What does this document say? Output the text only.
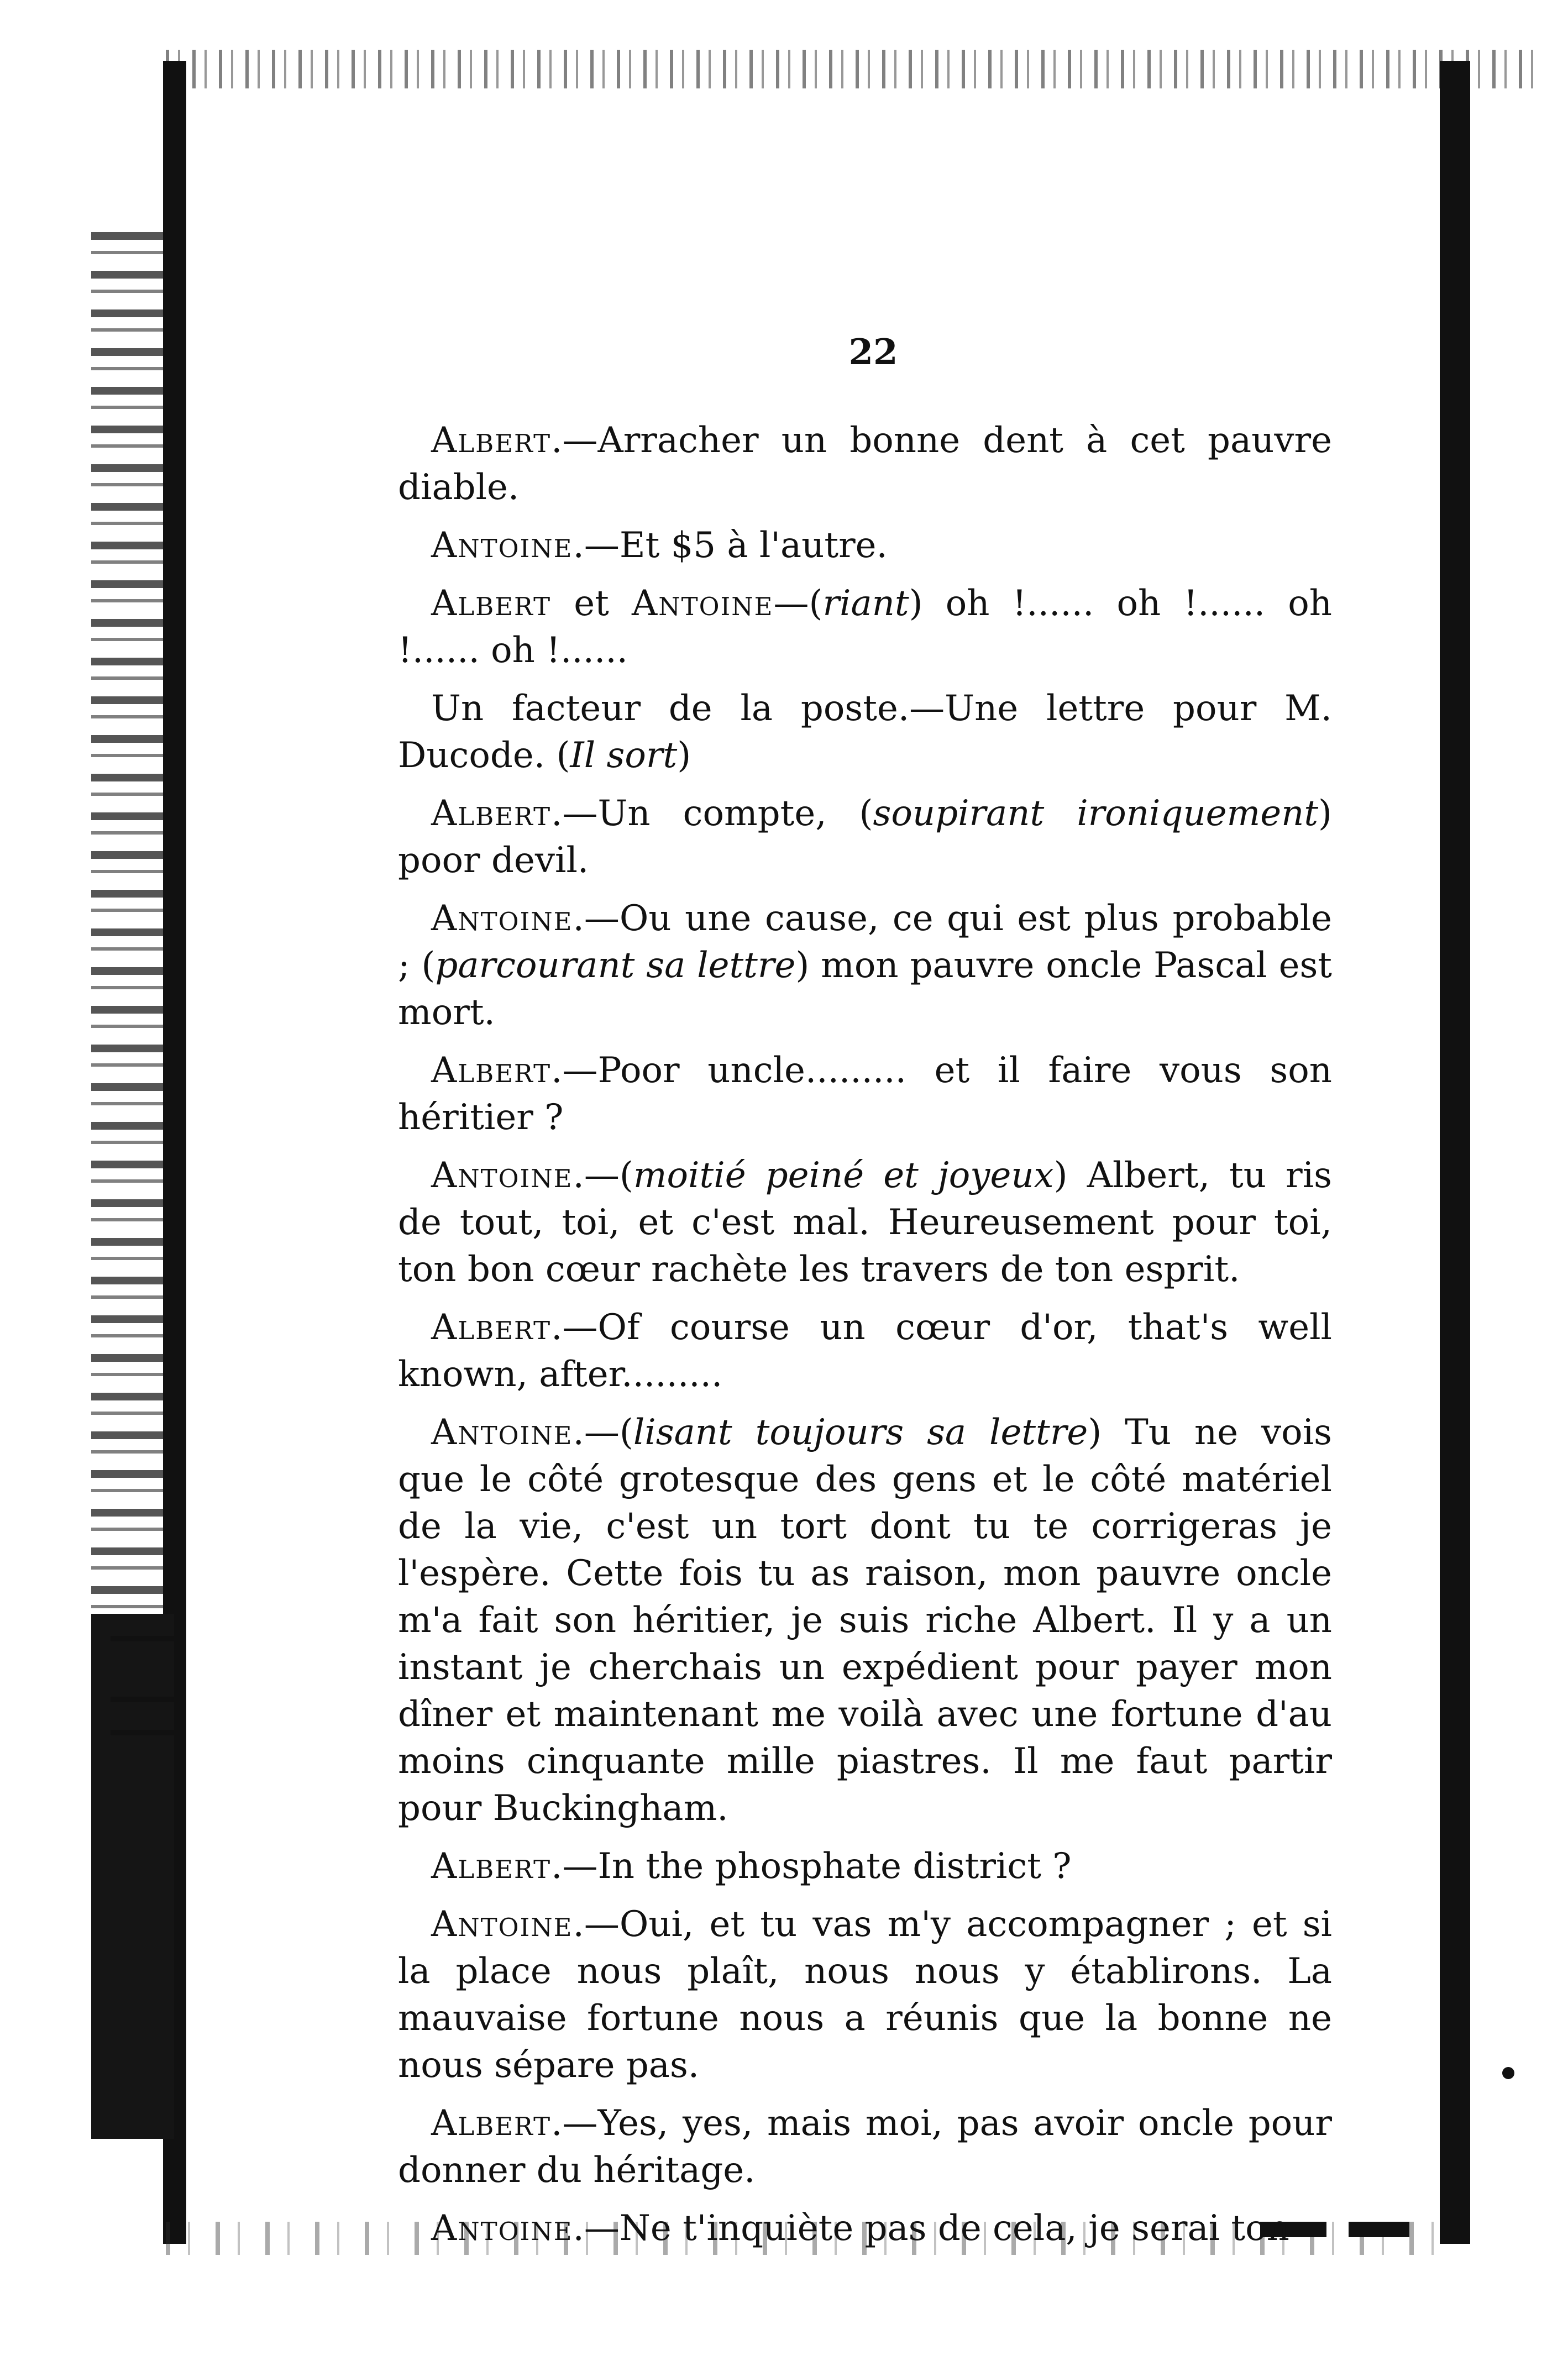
22

Albert.—Arracher un bonne dent à cet pauvre diable.

Antoine.—Et $5 à l'autre.

Albert et Antoine—(riant) oh !...... oh !...... oh !...... oh !......

Un facteur de la poste.—Une lettre pour M. Ducode. (Il sort)

Albert.—Un compte, (soupirant ironiquement) poor devil.

Antoine.—Ou une cause, ce qui est plus probable ; (parcourant sa lettre) mon pauvre oncle Pascal est mort.

Albert.—Poor uncle......... et il faire vous son héritier ?

Antoine.—(moitié peiné et joyeux) Albert, tu ris de tout, toi, et c'est mal. Heureusement pour toi, ton bon cœur rachète les travers de ton esprit.

Albert.—Of course un cœur d'or, that's well known, after.........

Antoine.—(lisant toujours sa lettre) Tu ne vois que le côté grotesque des gens et le côté matériel de la vie, c'est un tort dont tu te corrigeras je l'espère. Cette fois tu as raison, mon pauvre oncle m'a fait son héritier, je suis riche Albert. Il y a un instant je cherchais un expédient pour payer mon dîner et maintenant me voilà avec une fortune d'au moins cinquante mille piastres. Il me faut partir pour Buckingham.

Albert.—In the phosphate district ?

Antoine.—Oui, et tu vas m'y accompagner ; et si la place nous plaît, nous nous y établirons. La mauvaise fortune nous a réunis que la bonne ne nous sépare pas.

Albert.—Yes, yes, mais moi, pas avoir oncle pour donner du héritage.

Antoine.—Ne t'inquiète pas de cela, je serai ton
